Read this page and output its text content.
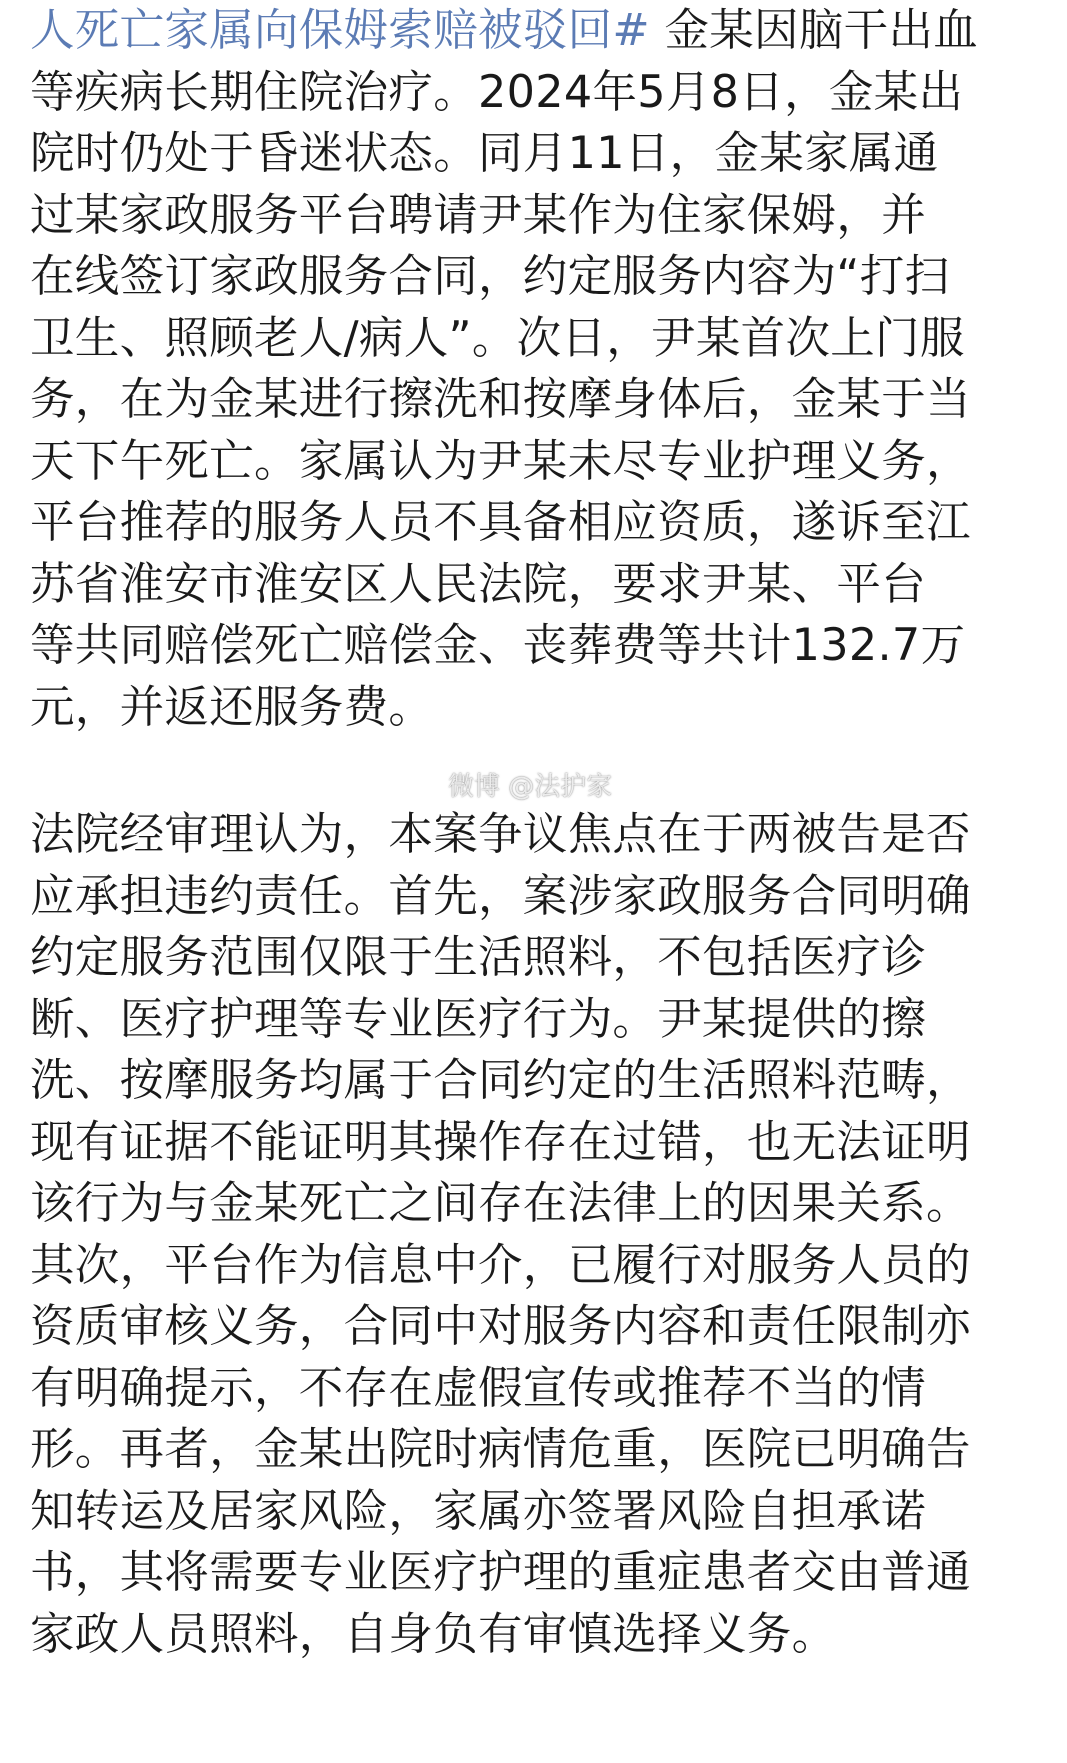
人死亡家属向保姆索赔被驳回# 金某因脑干出血
等疾病长期住院治疗。2024年5月8日，金某出
院时仍处于昏迷状态。同月11日，金某家属通
过某家政服务平台聘请尹某作为住家保姆，并
在线签订家政服务合同，约定服务内容为“打扫
卫生、照顾老人/病人”。次日，尹某首次上门服
务，在为金某进行擦洗和按摩身体后，金某于当
天下午死亡。家属认为尹某未尽专业护理义务，
平台推荐的服务人员不具备相应资质，遂诉至江
苏省淮安市淮安区人民法院，要求尹某、平台
等共同赔偿死亡赔偿金、丧葬费等共计132.7万
元，并返还服务费。
法院经审理认为，本案争议焦点在于两被告是否
应承担违约责任。首先，案涉家政服务合同明确
约定服务范围仅限于生活照料，不包括医疗诊
断、医疗护理等专业医疗行为。尹某提供的擦
洗、按摩服务均属于合同约定的生活照料范畴，
现有证据不能证明其操作存在过错，也无法证明
该行为与金某死亡之间存在法律上的因果关系。
其次，平台作为信息中介，已履行对服务人员的
资质审核义务，合同中对服务内容和责任限制亦
有明确提示，不存在虚假宣传或推荐不当的情
形。再者，金某出院时病情危重，医院已明确告
知转运及居家风险，家属亦签署风险自担承诺
书，其将需要专业医疗护理的重症患者交由普通
家政人员照料，自身负有审慎选择义务。
微博 @法护家
